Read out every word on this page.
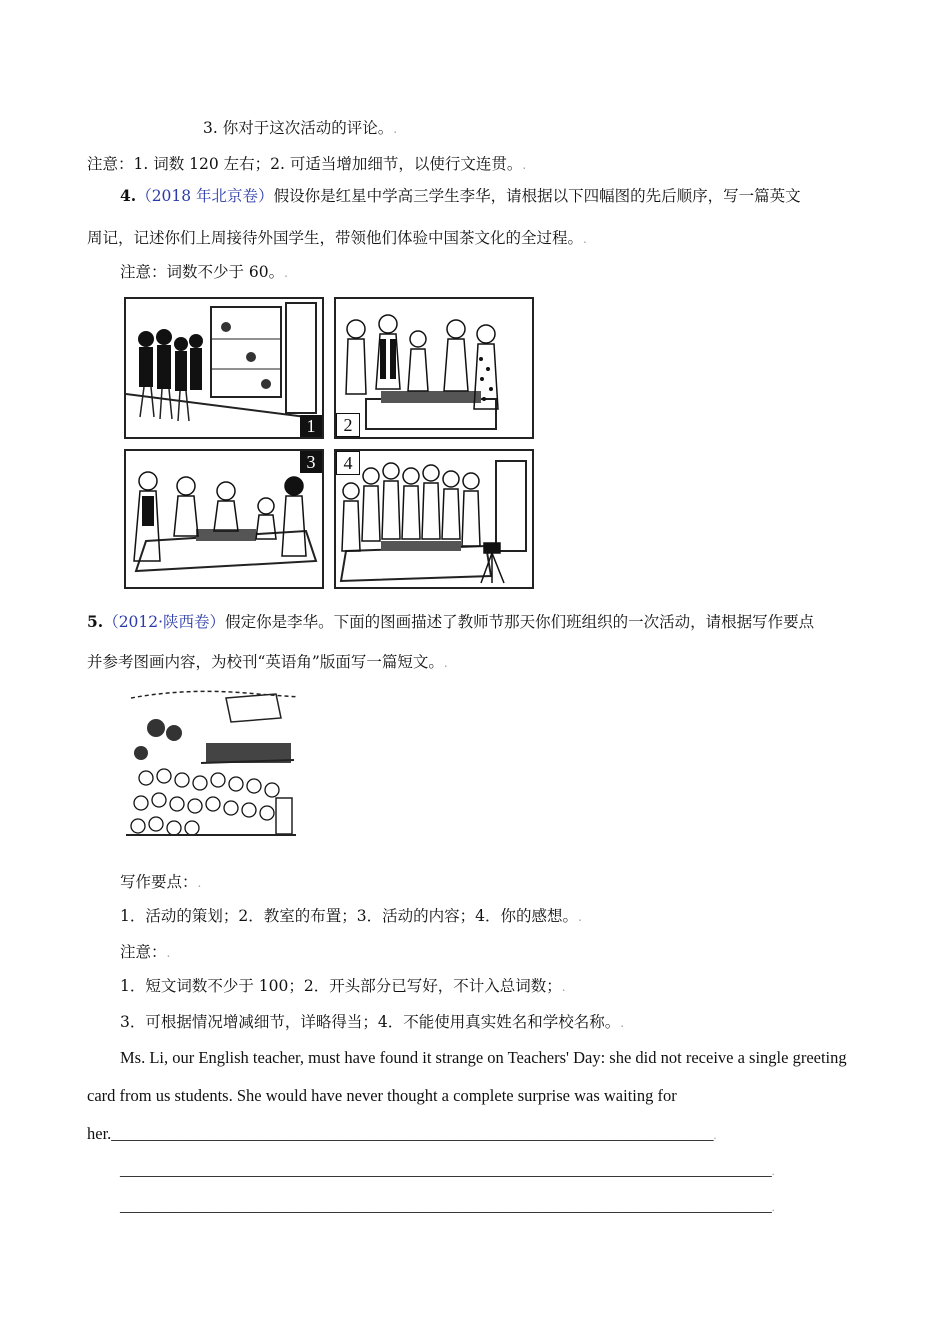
3. 你对于这次活动的评论。.
注意：1. 词数 120 左右；2. 可适当增加细节，以使行文连贯。.
4.（2018 年北京卷）假设你是红星中学高三学生李华，请根据以下四幅图的先后顺序，写一篇英文
周记，记述你们上周接待外国学生，带领他们体验中国茶文化的全过程。.
注意：词数不少于 60。.
1	2
3	4
5.（2012·陕西卷）假定你是李华。下面的图画描述了教师节那天你们班组织的一次活动，请根据写作要点
并参考图画内容，为校刊“英语角”版面写一篇短文。.
写作要点：.
1．活动的策划；2．教室的布置；3．活动的内容；4．你的感想。.
注意：.
1．短文词数不少于 100；2．开头部分已写好，不计入总词数；.
3．可根据情况增减细节，详略得当；4．不能使用真实姓名和学校名称。.
Ms. Li, our English teacher, must have found it strange on Teachers' Day: she did not receive a single greeting
card from us students. She would have never thought a complete surprise was waiting for
her._________________________________________________________________________.
_______________________________________________________________________________.
_______________________________________________________________________________.
